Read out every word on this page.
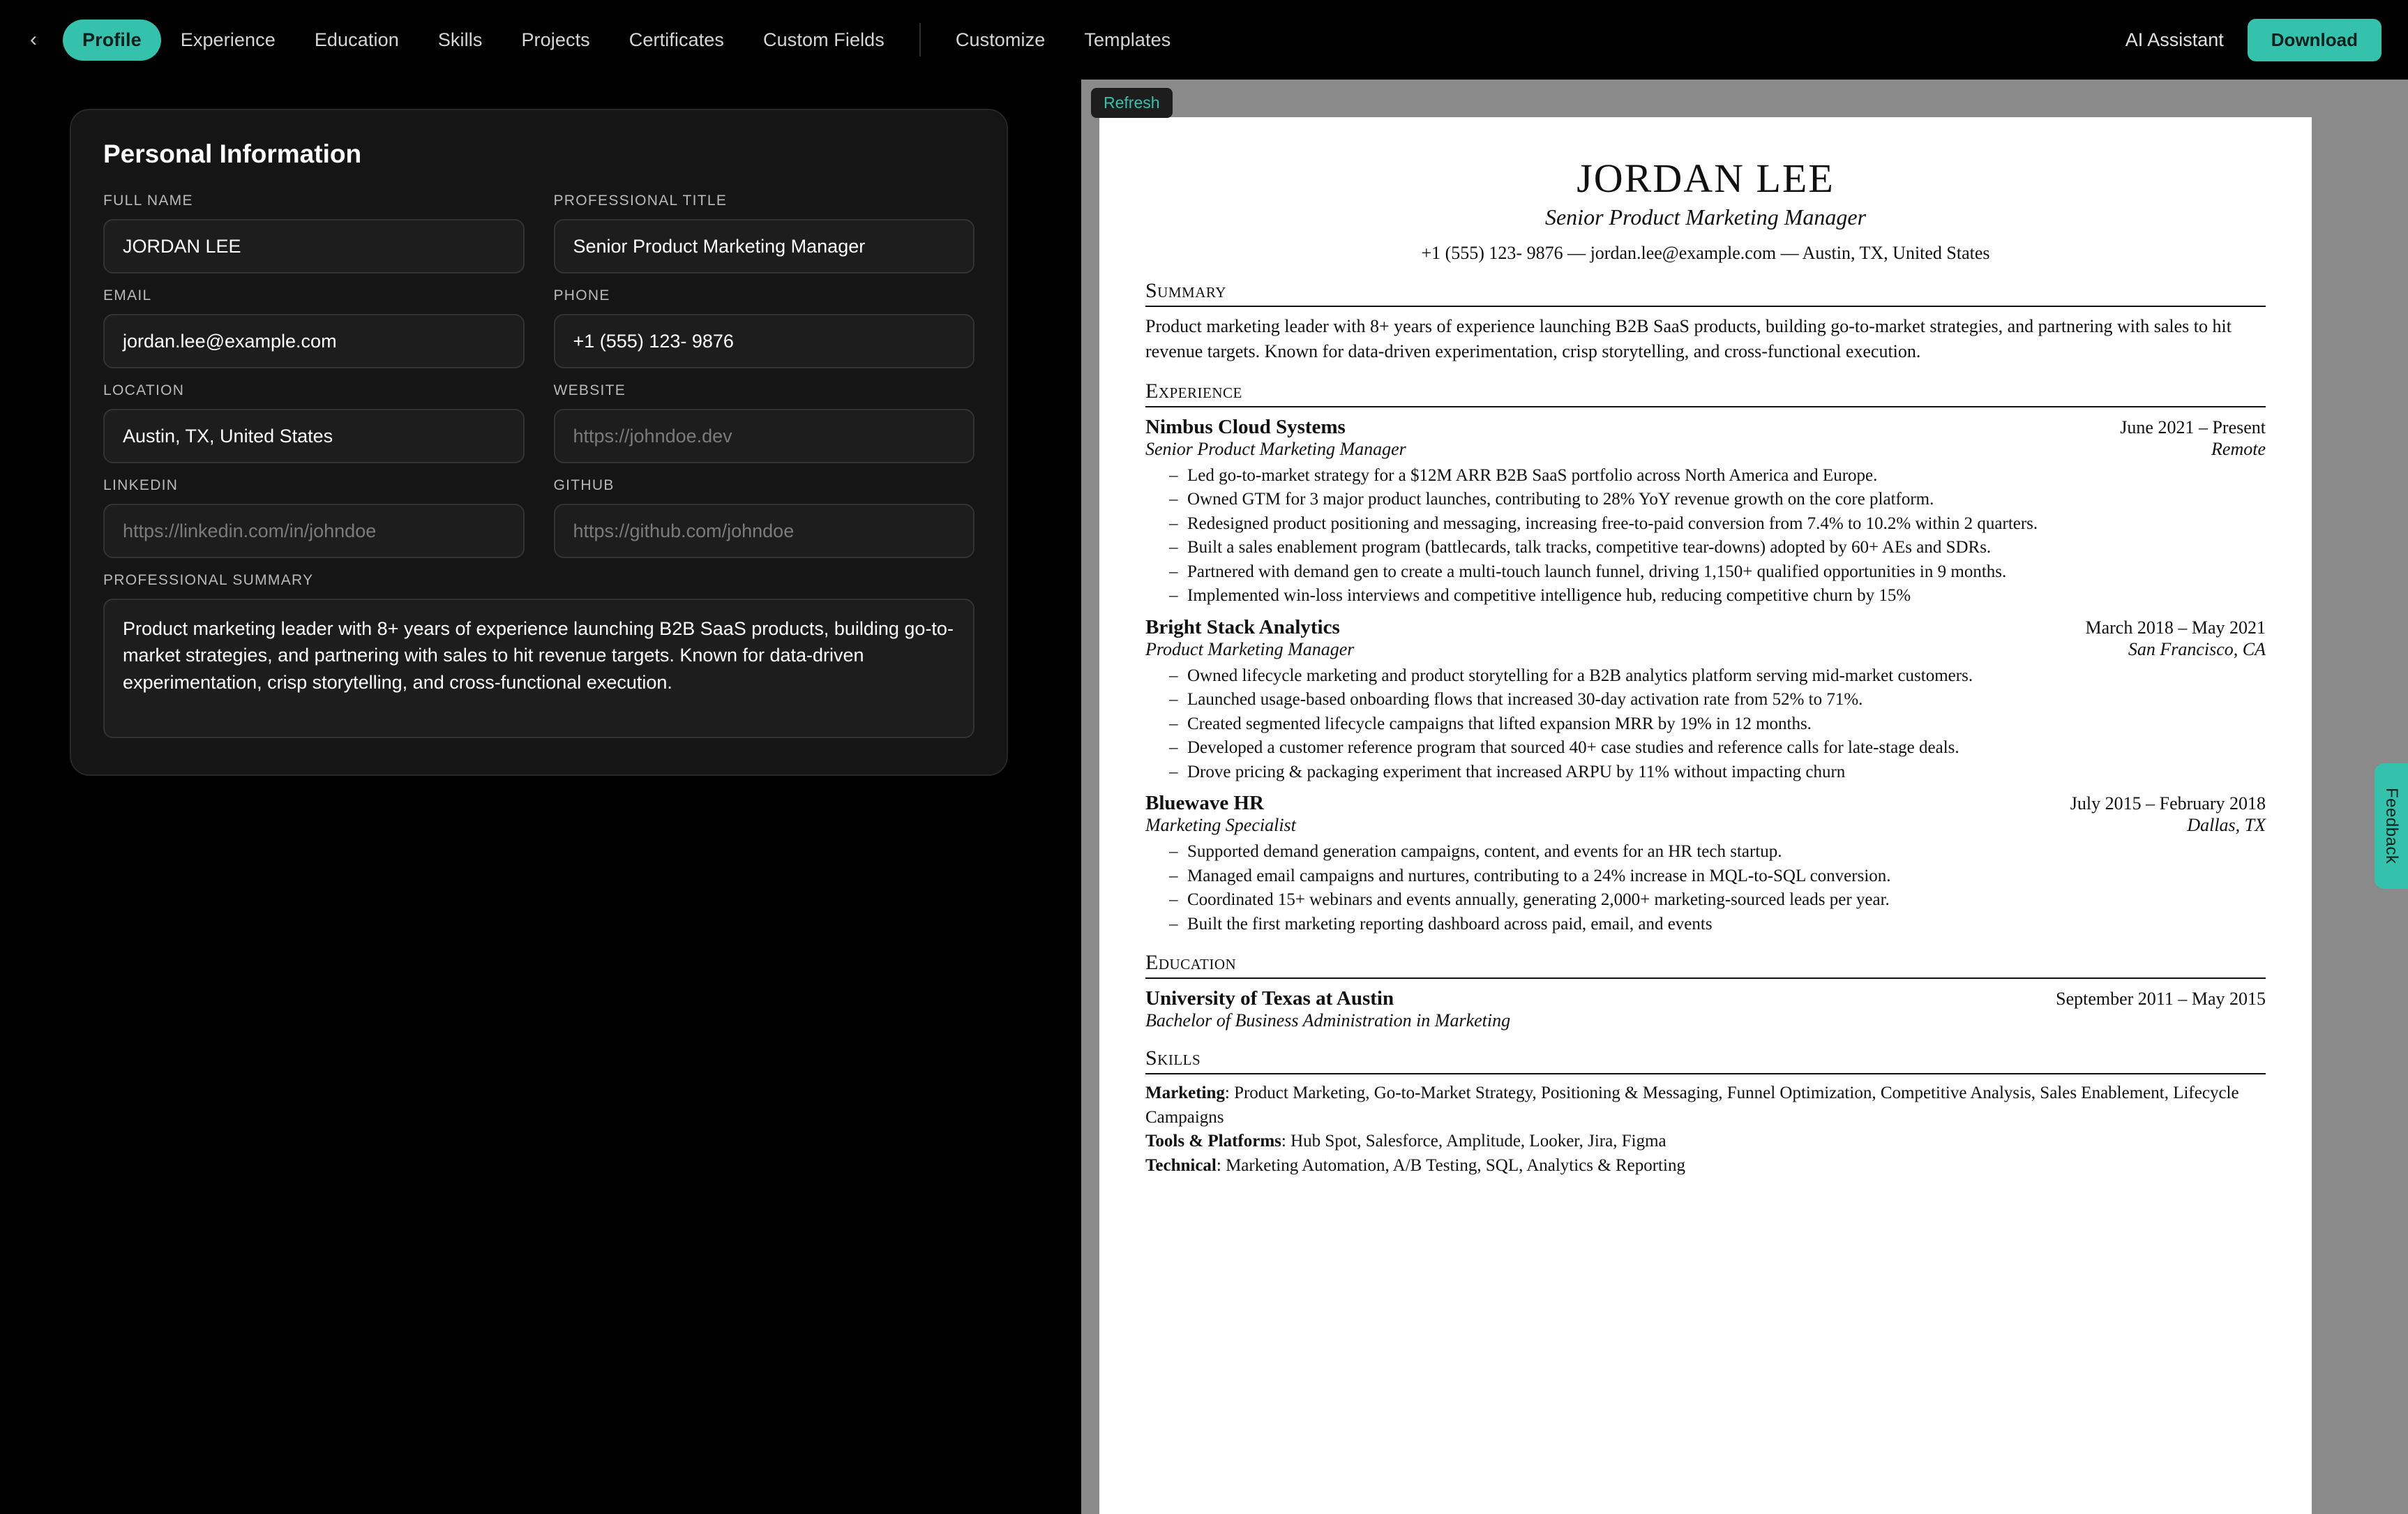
‹	Profile	Experience	Education	Skills	Projects	Certificates	Custom Fields	Customize	Templates	AI Assistant	Download
Personal Information
FULL NAME
JORDAN LEE
PROFESSIONAL TITLE
Senior Product Marketing Manager
EMAIL
jordan.lee@example.com
PHONE
+1 (555) 123- 9876
LOCATION
Austin, TX, United States
WEBSITE
https://johndoe.dev
LINKEDIN
https://linkedin.com/in/johndoe
GITHUB
https://github.com/johndoe
PROFESSIONAL SUMMARY
Product marketing leader with 8+ years of experience launching B2B SaaS products, building go-to-market strategies, and partnering with sales to hit revenue targets. Known for data-driven experimentation, crisp storytelling, and cross-functional execution.
Refresh
JORDAN LEE
Senior Product Marketing Manager
+1 (555) 123- 9876 — jordan.lee@example.com — Austin, TX, United States
Summary
Product marketing leader with 8+ years of experience launching B2B SaaS products, building go-to-market strategies, and partnering with sales to hit revenue targets. Known for data-driven experimentation, crisp storytelling, and cross-functional execution.
Experience
Nimbus Cloud Systems	June 2021 – Present
Senior Product Marketing Manager	Remote
– Led go-to-market strategy for a $12M ARR B2B SaaS portfolio across North America and Europe.
– Owned GTM for 3 major product launches, contributing to 28% YoY revenue growth on the core platform.
– Redesigned product positioning and messaging, increasing free-to-paid conversion from 7.4% to 10.2% within 2 quarters.
– Built a sales enablement program (battlecards, talk tracks, competitive tear-downs) adopted by 60+ AEs and SDRs.
– Partnered with demand gen to create a multi-touch launch funnel, driving 1,150+ qualified opportunities in 9 months.
– Implemented win-loss interviews and competitive intelligence hub, reducing competitive churn by 15%
Bright Stack Analytics	March 2018 – May 2021
Product Marketing Manager	San Francisco, CA
– Owned lifecycle marketing and product storytelling for a B2B analytics platform serving mid-market customers.
– Launched usage-based onboarding flows that increased 30-day activation rate from 52% to 71%.
– Created segmented lifecycle campaigns that lifted expansion MRR by 19% in 12 months.
– Developed a customer reference program that sourced 40+ case studies and reference calls for late-stage deals.
– Drove pricing & packaging experiment that increased ARPU by 11% without impacting churn
Bluewave HR	July 2015 – February 2018
Marketing Specialist	Dallas, TX
– Supported demand generation campaigns, content, and events for an HR tech startup.
– Managed email campaigns and nurtures, contributing to a 24% increase in MQL-to-SQL conversion.
– Coordinated 15+ webinars and events annually, generating 2,000+ marketing-sourced leads per year.
– Built the first marketing reporting dashboard across paid, email, and events
Education
University of Texas at Austin	September 2011 – May 2015
Bachelor of Business Administration in Marketing
Skills
Marketing: Product Marketing, Go-to-Market Strategy, Positioning & Messaging, Funnel Optimization, Competitive Analysis, Sales Enablement, Lifecycle Campaigns
Tools & Platforms: Hub Spot, Salesforce, Amplitude, Looker, Jira, Figma
Technical: Marketing Automation, A/B Testing, SQL, Analytics & Reporting
Feedback
